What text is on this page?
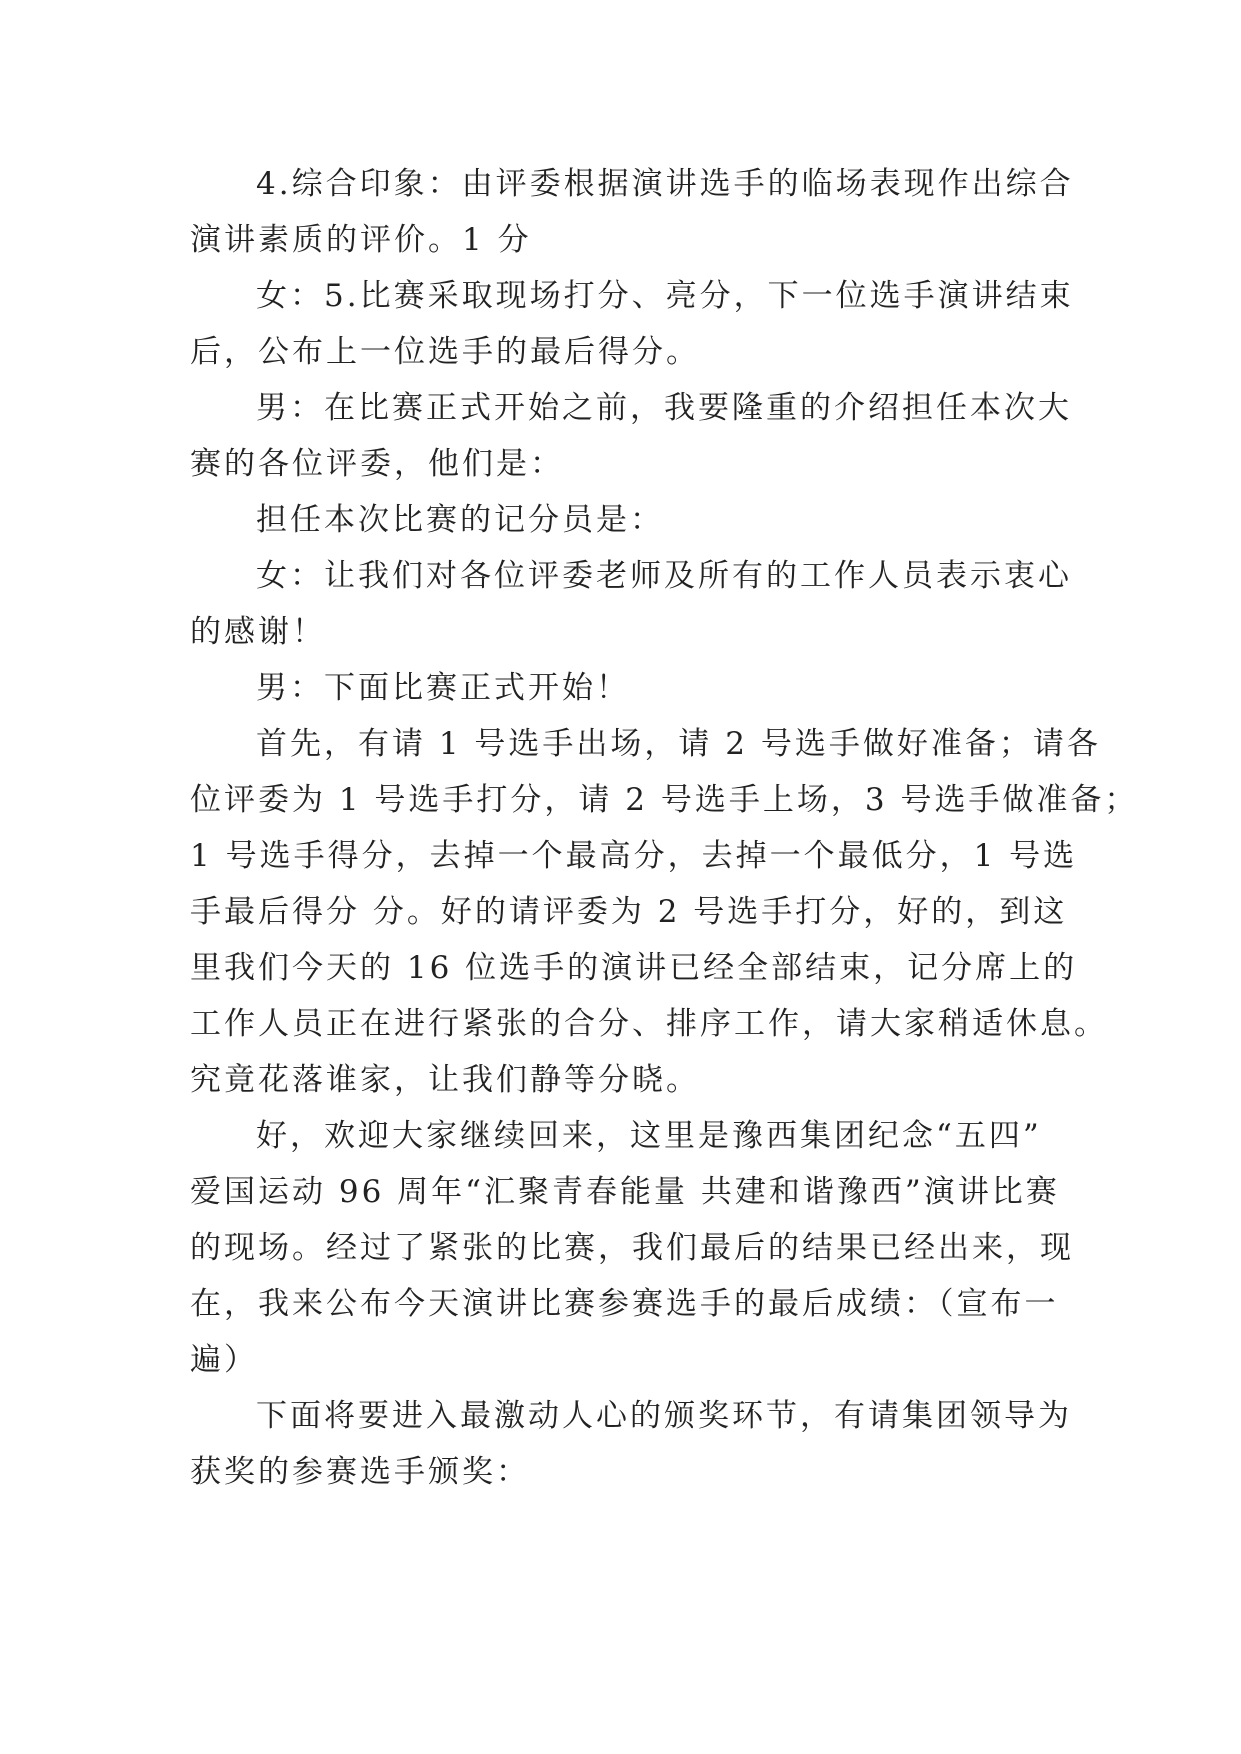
4.综合印象：由评委根据演讲选手的临场表现作出综合
演讲素质的评价。1 分
女：5.比赛采取现场打分、亮分，下一位选手演讲结束
后，公布上一位选手的最后得分。
男：在比赛正式开始之前，我要隆重的介绍担任本次大
赛的各位评委，他们是：
担任本次比赛的记分员是：
女：让我们对各位评委老师及所有的工作人员表示衷心
的感谢！
男：下面比赛正式开始！
首先，有请 1 号选手出场，请 2 号选手做好准备；请各
位评委为 1 号选手打分，请 2 号选手上场，3 号选手做准备；
1 号选手得分，去掉一个最高分，去掉一个最低分，1 号选
手最后得分 分。好的请评委为 2 号选手打分，好的，到这
里我们今天的 16 位选手的演讲已经全部结束，记分席上的
工作人员正在进行紧张的合分、排序工作，请大家稍适休息。
究竟花落谁家，让我们静等分晓。
好，欢迎大家继续回来，这里是豫西集团纪念“五四”
爱国运动 96 周年“汇聚青春能量 共建和谐豫西”演讲比赛
的现场。经过了紧张的比赛，我们最后的结果已经出来，现
在，我来公布今天演讲比赛参赛选手的最后成绩：（宣布一
遍）
下面将要进入最激动人心的颁奖环节，有请集团领导为
获奖的参赛选手颁奖：
